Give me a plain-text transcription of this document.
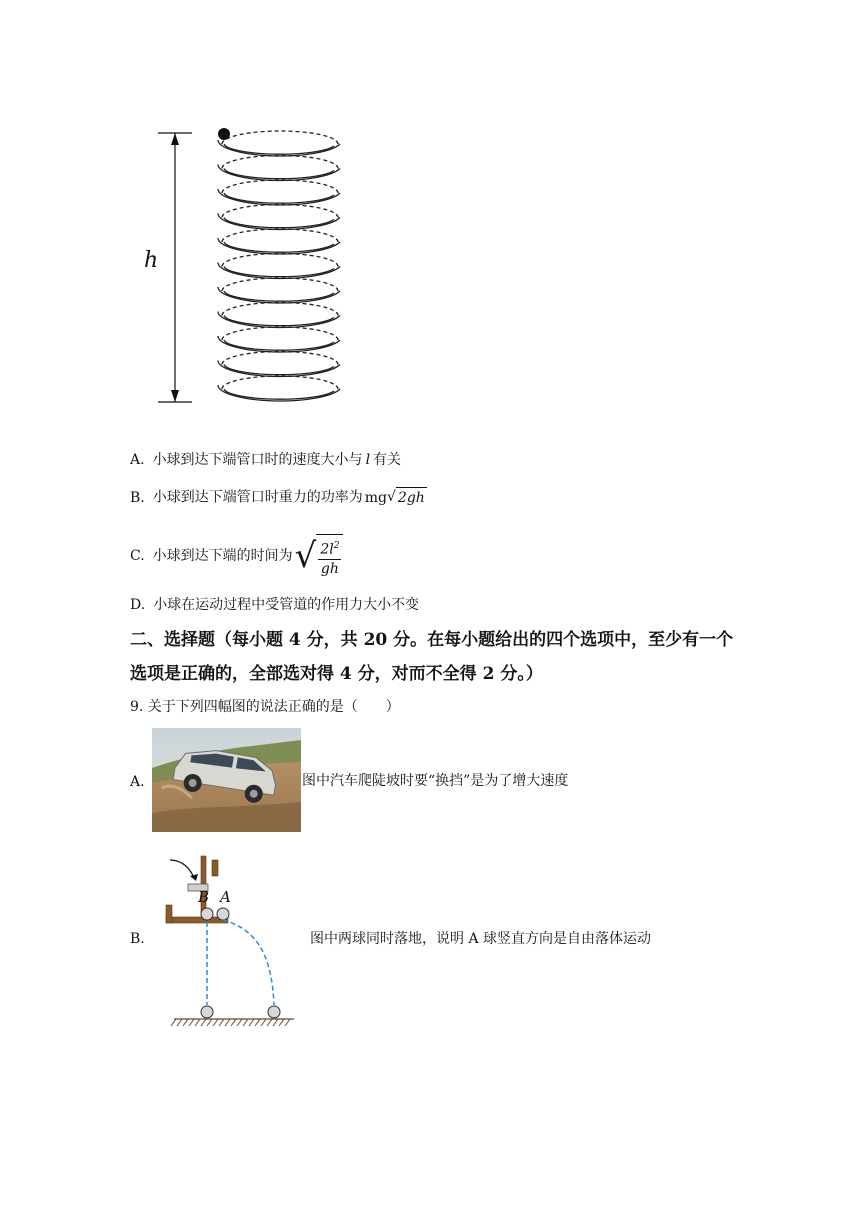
h
A. 小球到达下端管口时的速度大小与 l 有关
B. 小球到达下端管口时重力的功率为 mg √ 2gh
C. 小球到达下端的时间为 √ $\frac{2l^2}{gh}$
D. 小球在运动过程中受管道的作用力大小不变
二、选择题（每小题 4 分，共 20 分。在每小题给出的四个选项中，至少有一个
选项是正确的，全部选对得 4 分，对而不全得 2 分。）
9. 关于下列四幅图的说法正确的是（　　）
A.	图中汽车爬陡坡时要“换挡”是为了增大速度
B.
B A
图中两球同时落地，说明 A 球竖直方向是自由落体运动
